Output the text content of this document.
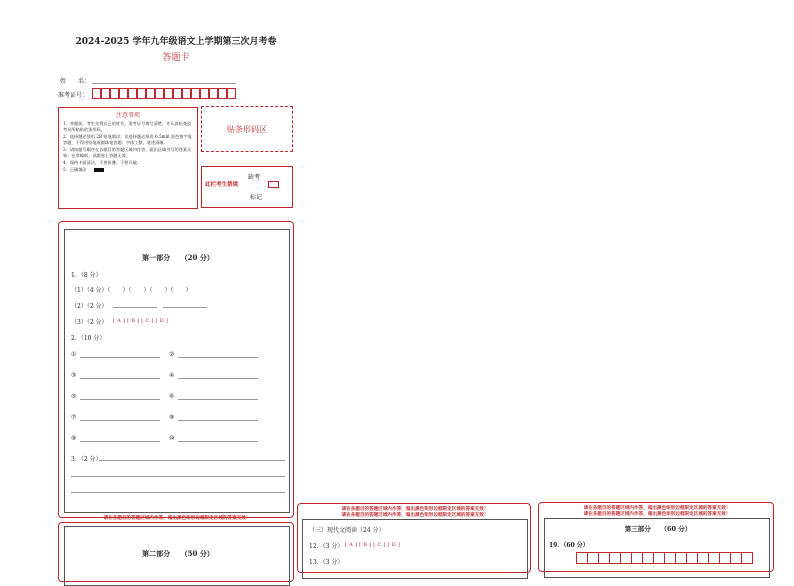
2024-2025 学年九年级语文上学期第三次月考卷
答题卡
姓　　名：
准考证号：
注意事项
1．答题前，考生先将自己的姓名，准考证号填写清楚，并认真检查监考员所粘贴的条形码。
2．选择题必须用 2B 铅笔填涂；非选择题必须用 0.5mm 黑色签字笔答题，不得用铅笔或圆珠笔答题；字体工整、笔迹清晰。
3．请按题号顺序在各题目的答题区域内作答，超出区域书写的答案无效；在草稿纸、试题卷上答题无效。
4．保持卡面清洁，不要折叠、不要弄破。
5．正确填涂
贴条形码区
缺考
此栏考生禁填
标记
第一部分　　（20 分）
1．（8 分）
（1）（4 分）（　　）（　　）（　　）（　　）
（2）（2 分）
（3）（2 分） [ A ] [ B ] [ C ] [ D ]
2．（10 分）
①	②
③	④
⑤	⑥
⑦	⑧
⑨	⑩
3．（2 分）
请在各题目的答题区域内作答，超出黑色矩形边框限定区域的答案无效！
第二部分　　（50 分）
请在各题目的答题区域内作答，超出黑色矩形边框限定区域的答案无效！
请在各题目的答题区域内作答，超出黑色矩形边框限定区域的答案无效！
（三）现代文阅读（24 分）
12．（3 分） [ A ] [ B ] [ C ] [ D ]
13．（3 分）
请在各题目的答题区域内作答，超出黑色矩形边框限定区域的答案无效！
请在各题目的答题区域内作答，超出黑色矩形边框限定区域的答案无效！
第三部分　　（60 分）
19．（60 分）
